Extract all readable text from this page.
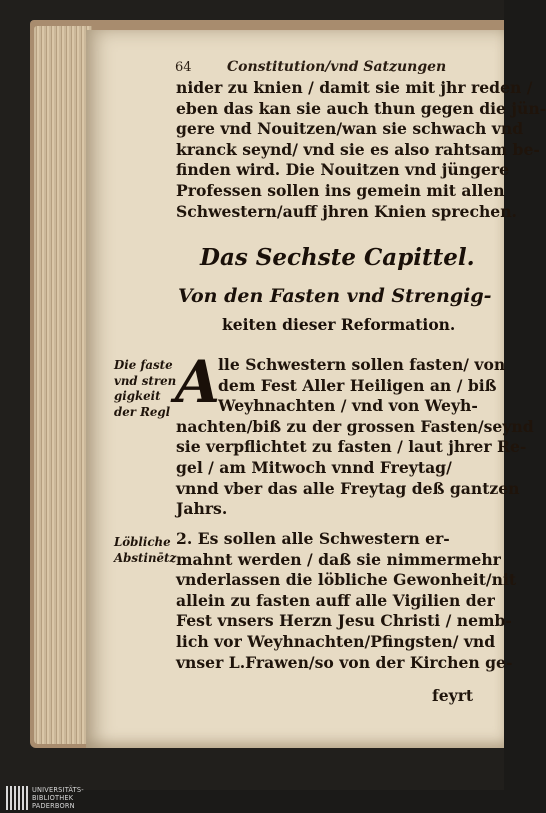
64	Constitution/vnd Satzungen
nider zu knien / damit sie mit jhr reden /
eben das kan sie auch thun gegen die jün-
gere vnd Nouitzen/wan sie schwach vnd
kranck seynd/ vnd sie es also rahtsam be-
finden wird. Die Nouitzen vnd jüngere
Professen sollen ins gemein mit allen
Schwestern/auff jhren Knien sprechen.
Das Sechste Capittel.
Von den Fasten vnd Strengig-
keiten dieser Reformation.
Die faste
vnd stren
gigkeit
der Regl
Löbliche
Abstinētz
A
lle Schwestern sollen fasten/ von
dem Fest Aller Heiligen an / biß
Weyhnachten / vnd von Weyh-
nachten/biß zu der grossen Fasten/seynd
sie verpflichtet zu fasten / laut jhrer Re-
gel / am Mitwoch vnnd Freytag/
vnnd vber das alle Freytag deß gantzen
Jahrs.
2. Es sollen alle Schwestern er-
mahnt werden / daß sie nimmermehr
vnderlassen die löbliche Gewonheit/nit
allein zu fasten auff alle Vigilien der
Fest vnsers Herzn Jesu Christi / nemb-
lich vor Weyhnachten/Pfingsten/ vnd
vnser L.Frawen/so von der Kirchen ge-
feyrt
UNIVERSITÄTS-
BIBLIOTHEK
PADERBORN
